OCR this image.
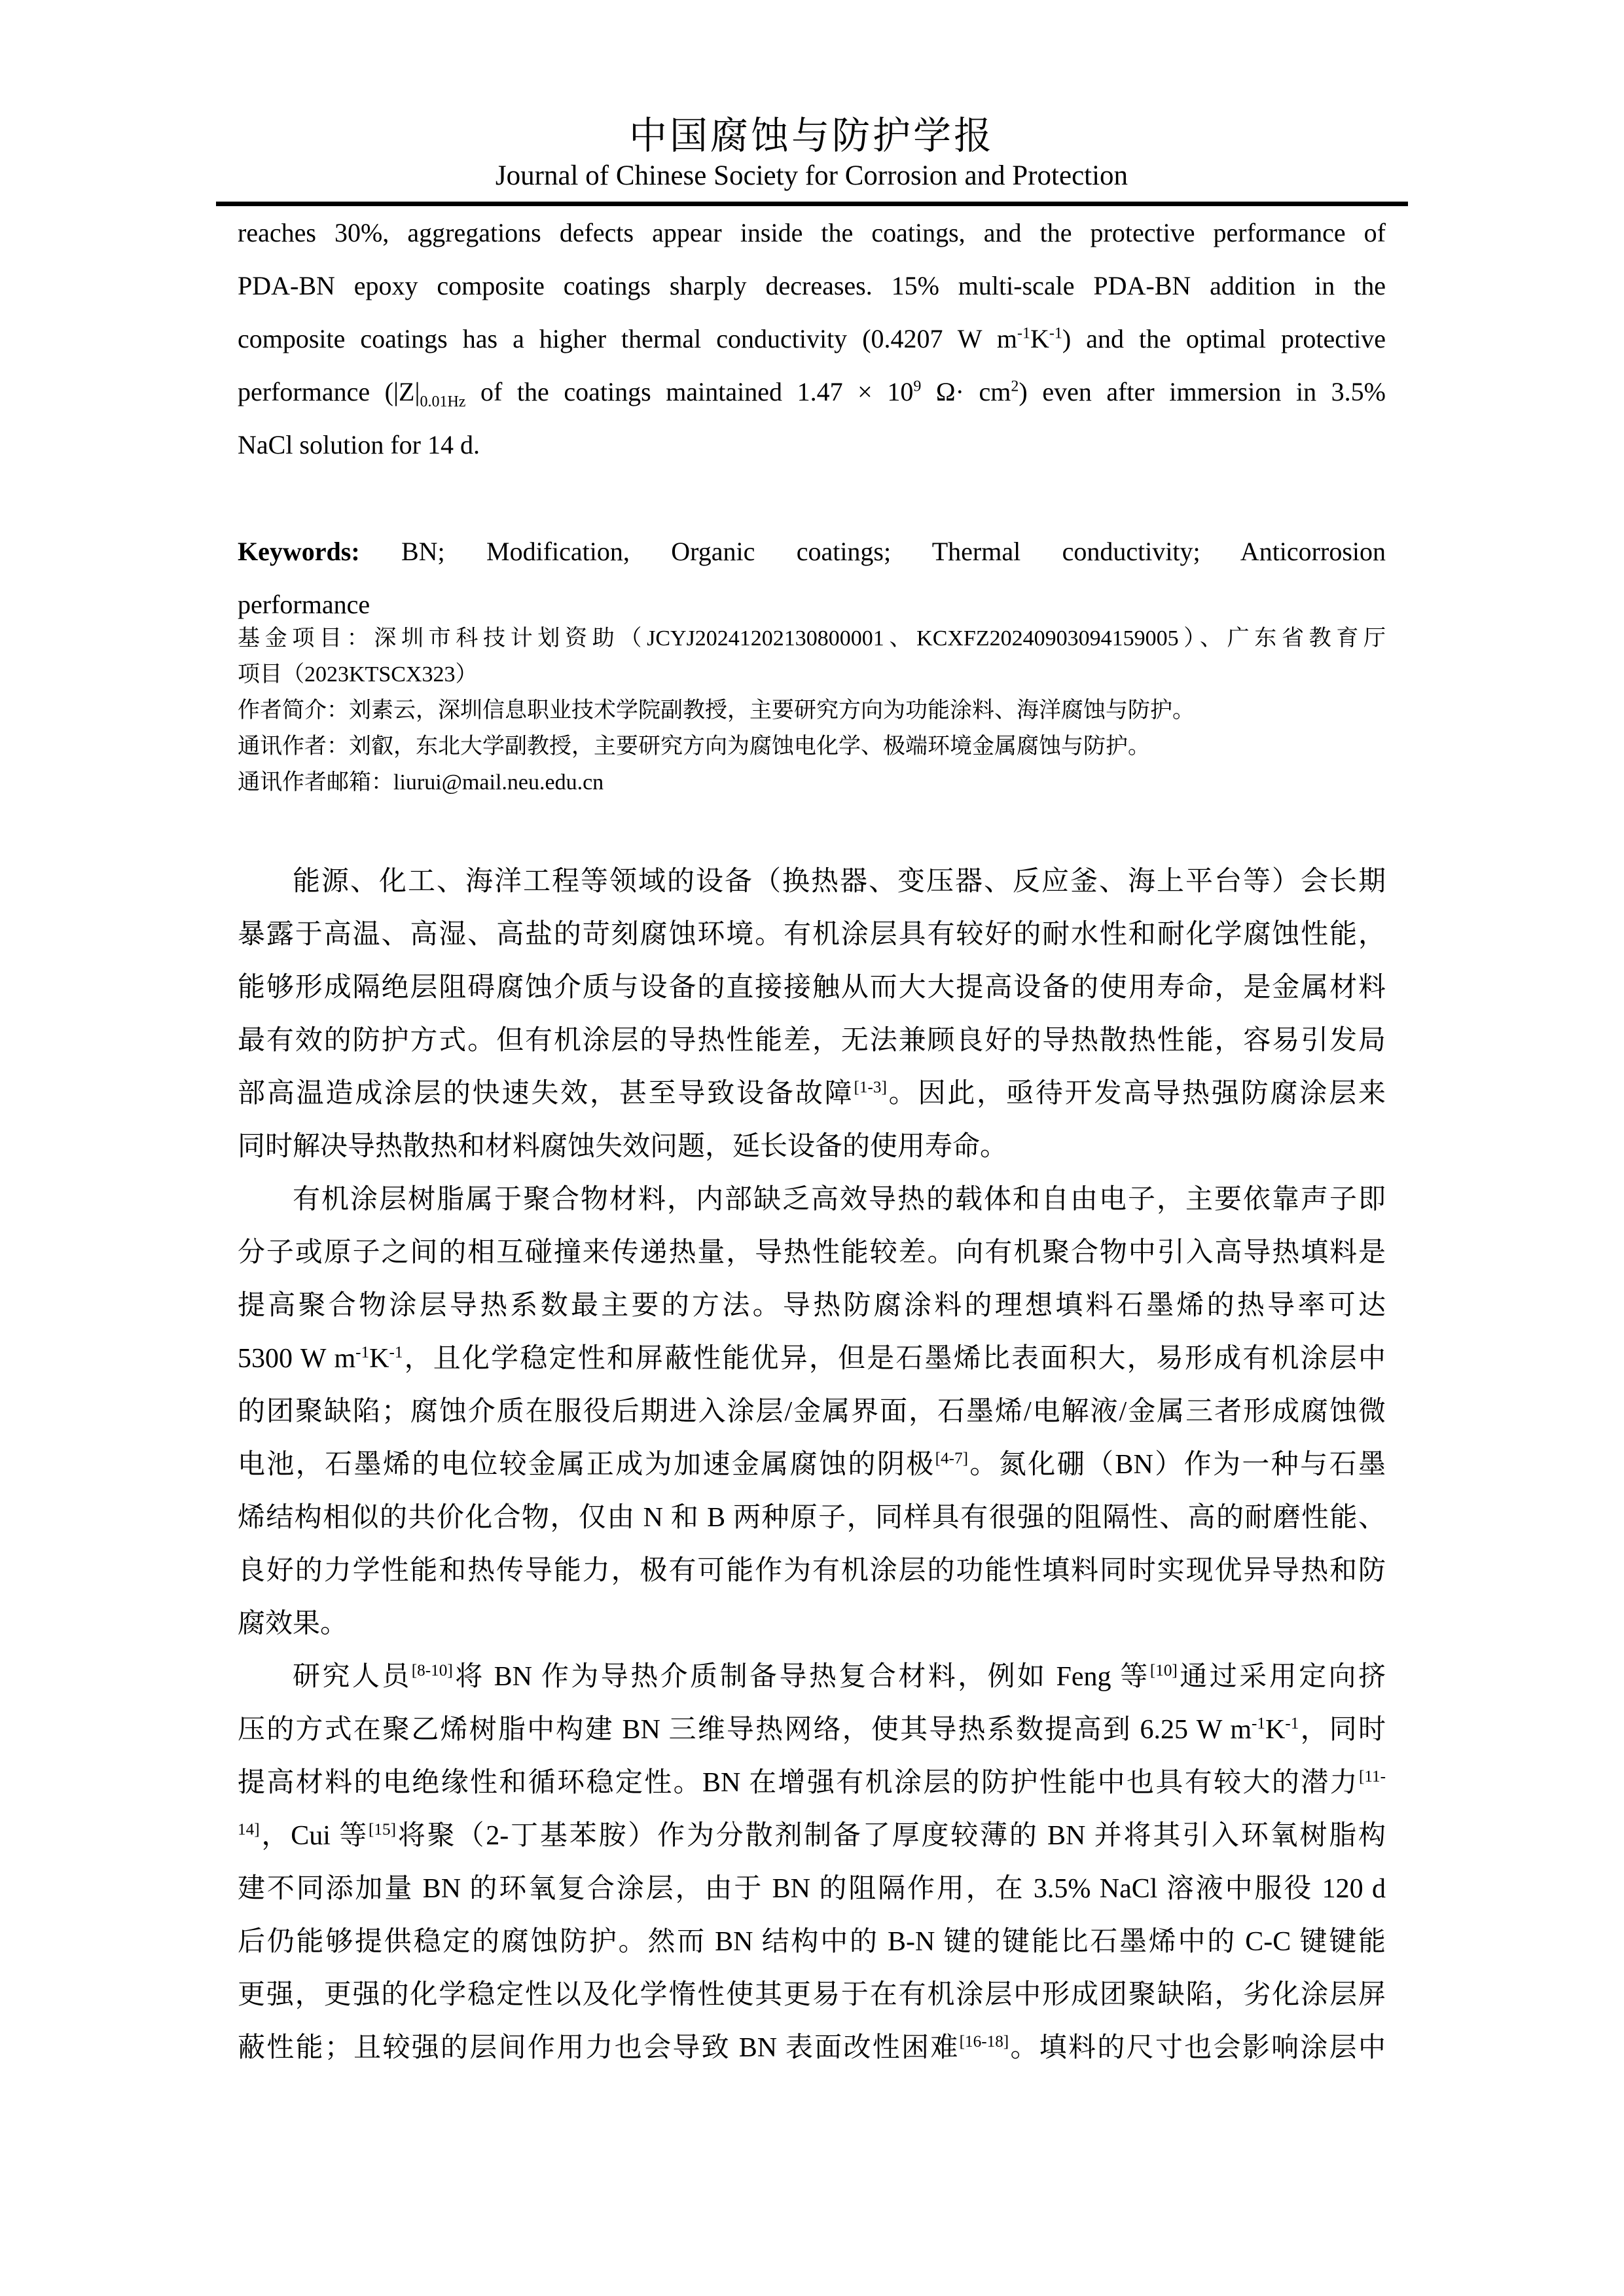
中国腐蚀与防护学报
Journal of Chinese Society for Corrosion and Protection
reaches 30%, aggregations defects appear inside the coatings, and the protective performance of
PDA-BN epoxy composite coatings sharply decreases. 15% multi-scale PDA-BN addition in the
composite coatings has a higher thermal conductivity (0.4207 W $m^{-1}K^{-1}$) and the optimal protective
performance ($|Z|_{0.01Hz}$ of the coatings maintained $1.47 \times 10^9$ $\Omega\cdot cm^2$) even after immersion in 3.5%
NaCl solution for 14 d.
Keywords: BN; Modification, Organic coatings; Thermal conductivity; Anticorrosion
performance
基金项目：深圳市科技计划资助（JCYJ20241202130800001、KCXFZ20240903094159005）、广东省教育厅
项目（2023KTSCX323）
作者简介：刘素云，深圳信息职业技术学院副教授，主要研究方向为功能涂料、海洋腐蚀与防护。
通讯作者：刘叡，东北大学副教授，主要研究方向为腐蚀电化学、极端环境金属腐蚀与防护。
通讯作者邮箱：liurui@mail.neu.edu.cn
能源、化工、海洋工程等领域的设备（换热器、变压器、反应釜、海上平台等）会长期
暴露于高温、高湿、高盐的苛刻腐蚀环境。有机涂层具有较好的耐水性和耐化学腐蚀性能，
能够形成隔绝层阻碍腐蚀介质与设备的直接接触从而大大提高设备的使用寿命，是金属材料
最有效的防护方式。但有机涂层的导热性能差，无法兼顾良好的导热散热性能，容易引发局
部高温造成涂层的快速失效，甚至导致设备故障[1-3]。因此，亟待开发高导热强防腐涂层来
同时解决导热散热和材料腐蚀失效问题，延长设备的使用寿命。
有机涂层树脂属于聚合物材料，内部缺乏高效导热的载体和自由电子，主要依靠声子即
分子或原子之间的相互碰撞来传递热量，导热性能较差。向有机聚合物中引入高导热填料是
提高聚合物涂层导热系数最主要的方法。导热防腐涂料的理想填料石墨烯的热导率可达
5300 W $m^{-1}K^{-1}$，且化学稳定性和屏蔽性能优异，但是石墨烯比表面积大，易形成有机涂层中
的团聚缺陷；腐蚀介质在服役后期进入涂层/金属界面，石墨烯/电解液/金属三者形成腐蚀微
电池，石墨烯的电位较金属正成为加速金属腐蚀的阴极[4-7]。氮化硼（BN）作为一种与石墨
烯结构相似的共价化合物，仅由 N 和 B 两种原子，同样具有很强的阻隔性、高的耐磨性能、
良好的力学性能和热传导能力，极有可能作为有机涂层的功能性填料同时实现优异导热和防
腐效果。
研究人员[8-10]将 BN 作为导热介质制备导热复合材料，例如 Feng 等[10]通过采用定向挤
压的方式在聚乙烯树脂中构建 BN 三维导热网络，使其导热系数提高到 6.25 W $m^{-1}K^{-1}$，同时
提高材料的电绝缘性和循环稳定性。BN 在增强有机涂层的防护性能中也具有较大的潜力$^{[11-}$
$^{14]}$，Cui 等[15]将聚（2-丁基苯胺）作为分散剂制备了厚度较薄的 BN 并将其引入环氧树脂构
建不同添加量 BN 的环氧复合涂层，由于 BN 的阻隔作用，在 3.5% NaCl 溶液中服役 120 d
后仍能够提供稳定的腐蚀防护。然而 BN 结构中的 B-N 键的键能比石墨烯中的 C-C 键键能
更强，更强的化学稳定性以及化学惰性使其更易于在有机涂层中形成团聚缺陷，劣化涂层屏
蔽性能；且较强的层间作用力也会导致 BN 表面改性困难[16-18]。填料的尺寸也会影响涂层中
